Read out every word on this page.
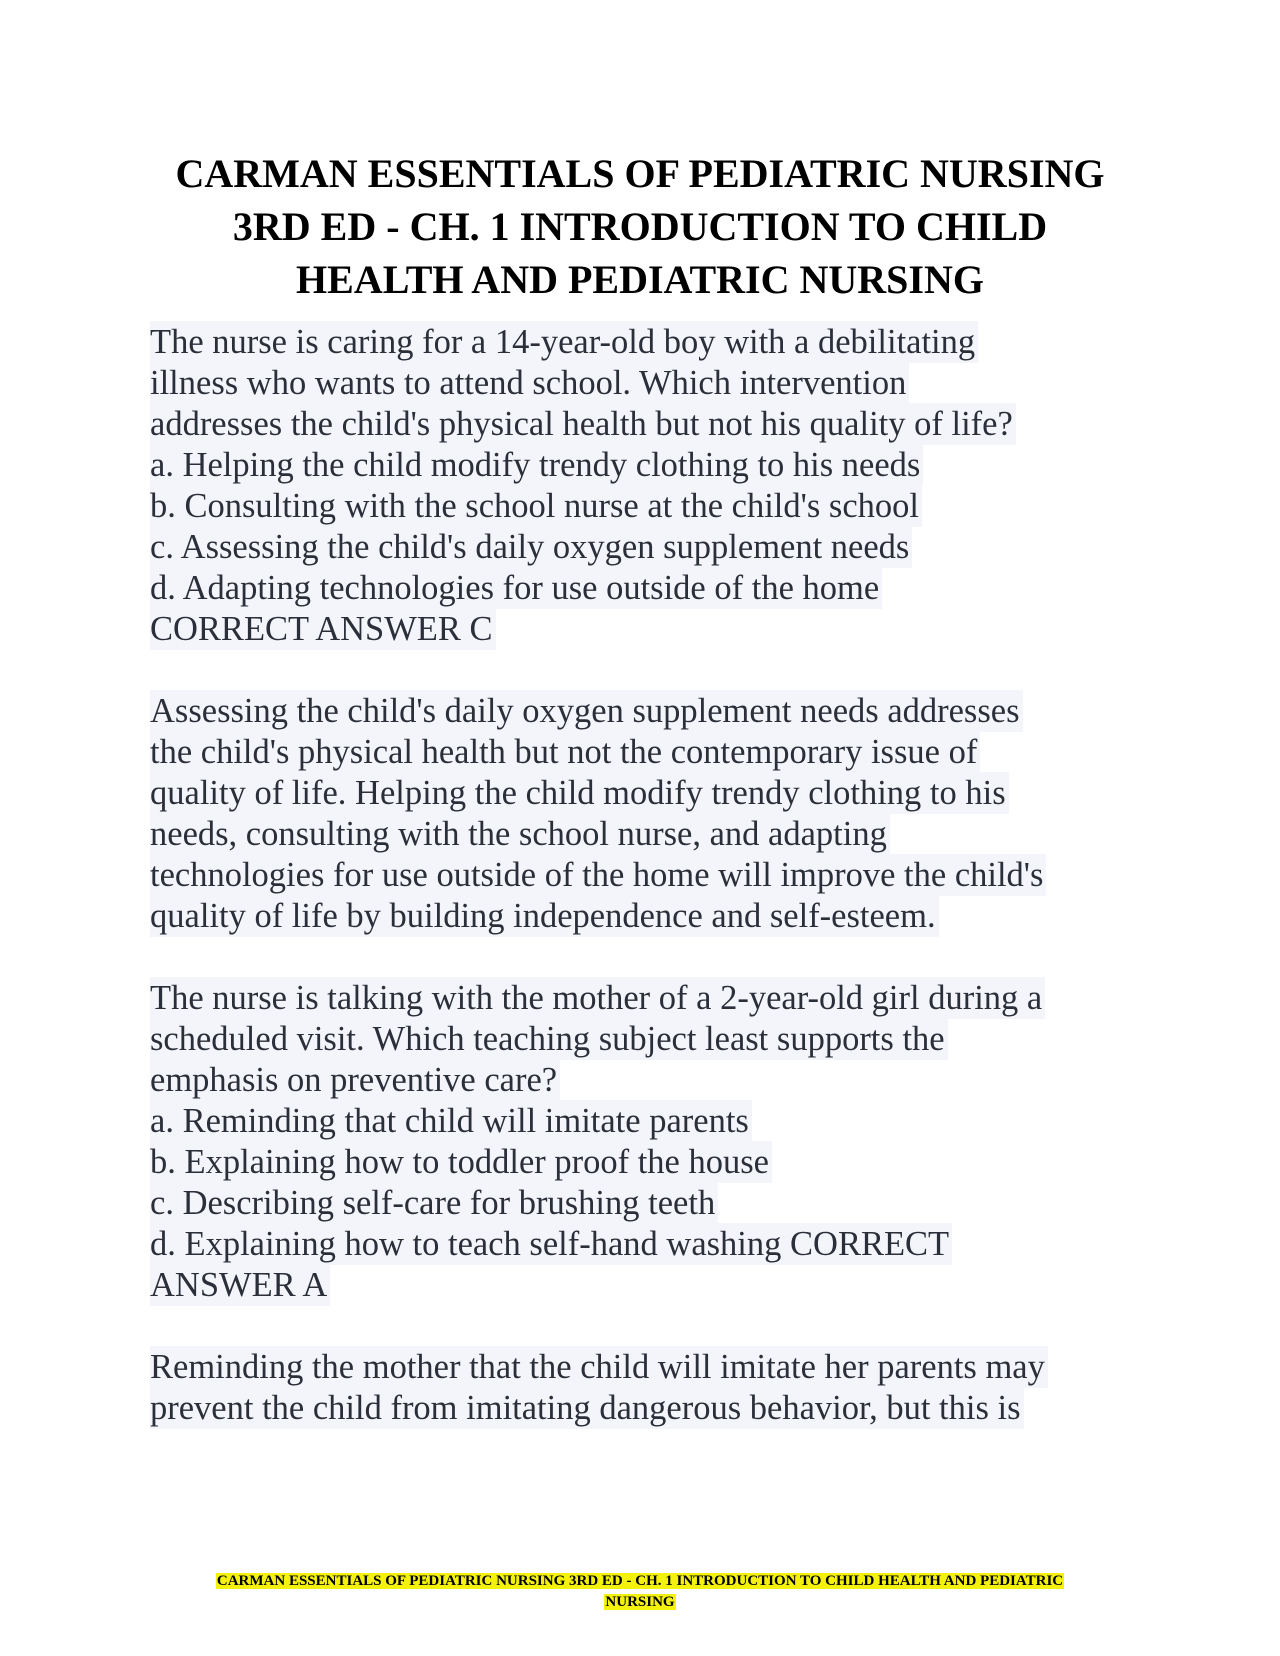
CARMAN ESSENTIALS OF PEDIATRIC NURSING
3RD ED - CH. 1 INTRODUCTION TO CHILD
HEALTH AND PEDIATRIC NURSING

The nurse is caring for a 14-year-old boy with a debilitating

illness who wants to attend school. Which intervention

addresses the child's physical health but not his quality of life?

a. Helping the child modify trendy clothing to his needs

b. Consulting with the school nurse at the child's school

c. Assessing the child's daily oxygen supplement needs

d. Adapting technologies for use outside of the home

CORRECT ANSWER C

Assessing the child's daily oxygen supplement needs addresses

the child's physical health but not the contemporary issue of

quality of life. Helping the child modify trendy clothing to his

needs, consulting with the school nurse, and adapting

technologies for use outside of the home will improve the child's

quality of life by building independence and self-esteem.

The nurse is talking with the mother of a 2-year-old girl during a

scheduled visit. Which teaching subject least supports the

emphasis on preventive care?

a. Reminding that child will imitate parents

b. Explaining how to toddler proof the house

c. Describing self-care for brushing teeth

d. Explaining how to teach self-hand washing CORRECT

ANSWER A

Reminding the mother that the child will imitate her parents may

prevent the child from imitating dangerous behavior, but this is

CARMAN ESSENTIALS OF PEDIATRIC NURSING 3RD ED - CH. 1 INTRODUCTION TO CHILD HEALTH AND PEDIATRIC
NURSING
